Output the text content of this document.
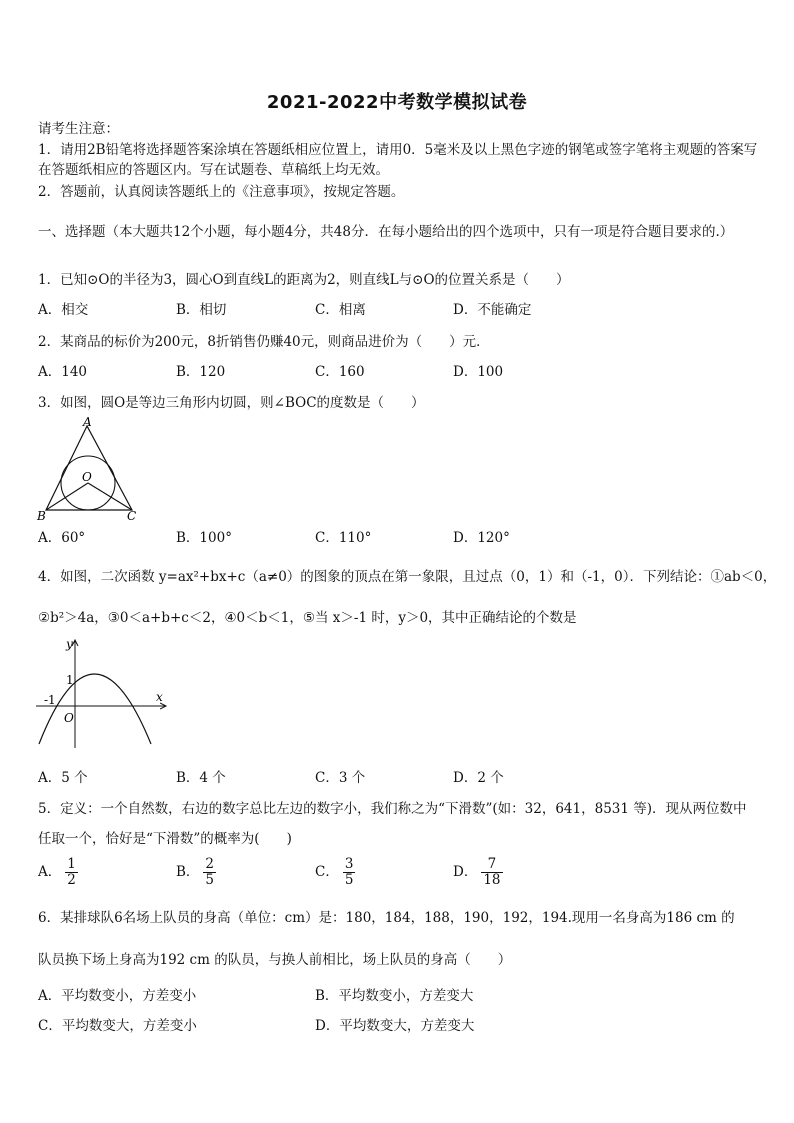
2021-2022中考数学模拟试卷
请考生注意：
1．请用2B铅笔将选择题答案涂填在答题纸相应位置上，请用0．5毫米及以上黑色字迹的钢笔或签字笔将主观题的答案写在答题纸相应的答题区内。写在试题卷、草稿纸上均无效。
2．答题前，认真阅读答题纸上的《注意事项》，按规定答题。
一、选择题（本大题共12个小题，每小题4分，共48分．在每小题给出的四个选项中，只有一项是符合题目要求的.）
1．已知⊙O的半径为3，圆心O到直线L的距离为2，则直线L与⊙O的位置关系是（　　）
A．相交	B．相切	C．相离	D．不能确定
2．某商品的标价为200元，8折销售仍赚40元，则商品进价为（　　）元．
A．140	B．120	C．160	D．100
3．如图，圆O是等边三角形内切圆，则∠BOC的度数是（　　）
A
B	C
O
A．60°	B．100°	C．110°	D．120°
4．如图，二次函数 y=ax²+bx+c（a≠0）的图象的顶点在第一象限，且过点（0，1）和（-1，0）．下列结论：①ab＜0，
②b²＞4a，③0＜a+b+c＜2，④0＜b＜1，⑤当 x＞-1 时，y＞0，其中正确结论的个数是
y
x
1
-1
O
A．5 个	B．4 个	C．3 个	D．2 个
5．定义：一个自然数，右边的数字总比左边的数字小，我们称之为“下滑数”(如：32，641，8531 等)．现从两位数中
任取一个，恰好是“下滑数”的概率为(　　)
A． $\frac{1}{2}$	B． $\frac{2}{5}$	C． $\frac{3}{5}$	D． $\frac{7}{18}$
6．某排球队6名场上队员的身高（单位：cm）是：180，184，188，190，192，194.现用一名身高为186 cm 的
队员换下场上身高为192 cm 的队员，与换人前相比，场上队员的身高（　　）
A．平均数变小，方差变小	B．平均数变小，方差变大
C．平均数变大，方差变小	D．平均数变大，方差变大
